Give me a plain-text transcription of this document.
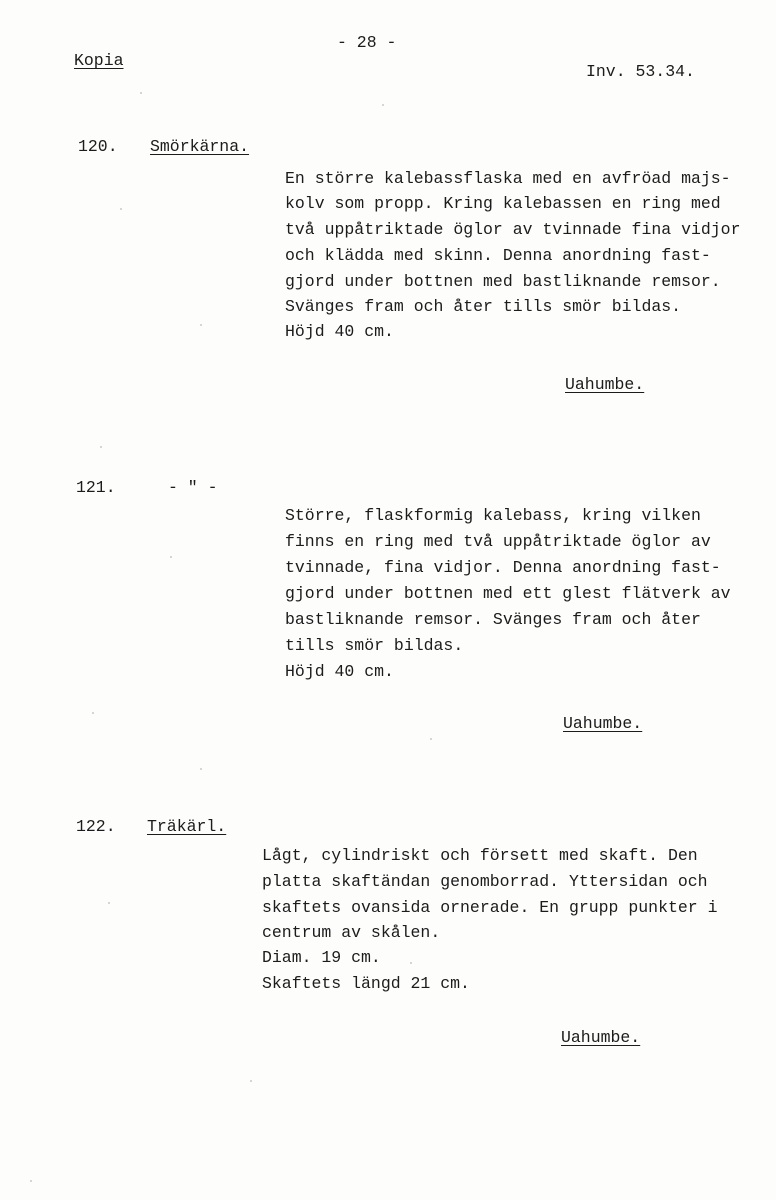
Kopia
- 28 -
Inv. 53.34.
120. Smörkärna.
En större kalebassflaska med en avfröad majs-
kolv som propp. Kring kalebassen en ring med
två uppåtriktade öglor av tvinnade fina vidjor
och klädda med skinn. Denna anordning fast-
gjord under bottnen med bastliknande remsor.
Svänges fram och åter tills smör bildas.
Höjd 40 cm.
Uahumbe.
121.	- " -
Större, flaskformig kalebass, kring vilken
finns en ring med två uppåtriktade öglor av
tvinnade, fina vidjor. Denna anordning fast-
gjord under bottnen med ett glest flätverk av
bastliknande remsor. Svänges fram och åter
tills smör bildas.
Höjd 40 cm.
Uahumbe.
122. Träkärl.
Lågt, cylindriskt och försett med skaft. Den
platta skaftändan genomborrad. Yttersidan och
skaftets ovansida ornerade. En grupp punkter i
centrum av skålen.
Diam. 19 cm.
Skaftets längd 21 cm.
Uahumbe.
